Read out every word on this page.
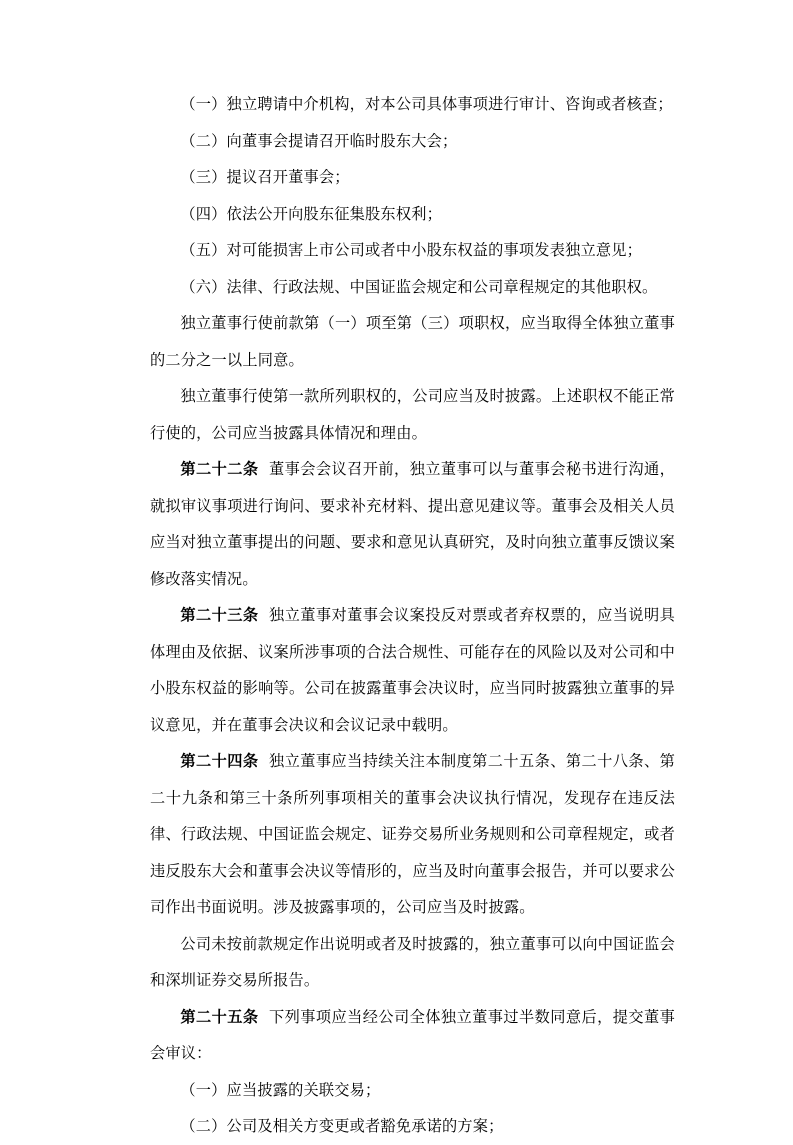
（一）独立聘请中介机构，对本公司具体事项进行审计、咨询或者核查；

（二）向董事会提请召开临时股东大会；

（三）提议召开董事会；

（四）依法公开向股东征集股东权利；

（五）对可能损害上市公司或者中小股东权益的事项发表独立意见；

（六）法律、行政法规、中国证监会规定和公司章程规定的其他职权。

独立董事行使前款第（一）项至第（三）项职权，应当取得全体独立董事的二分之一以上同意。

独立董事行使第一款所列职权的，公司应当及时披露。上述职权不能正常行使的，公司应当披露具体情况和理由。

第二十二条 董事会会议召开前，独立董事可以与董事会秘书进行沟通，就拟审议事项进行询问、要求补充材料、提出意见建议等。董事会及相关人员应当对独立董事提出的问题、要求和意见认真研究，及时向独立董事反馈议案修改落实情况。

第二十三条 独立董事对董事会议案投反对票或者弃权票的，应当说明具体理由及依据、议案所涉事项的合法合规性、可能存在的风险以及对公司和中小股东权益的影响等。公司在披露董事会决议时，应当同时披露独立董事的异议意见，并在董事会决议和会议记录中载明。

第二十四条 独立董事应当持续关注本制度第二十五条、第二十八条、第二十九条和第三十条所列事项相关的董事会决议执行情况，发现存在违反法律、行政法规、中国证监会规定、证券交易所业务规则和公司章程规定，或者违反股东大会和董事会决议等情形的，应当及时向董事会报告，并可以要求公司作出书面说明。涉及披露事项的，公司应当及时披露。

公司未按前款规定作出说明或者及时披露的，独立董事可以向中国证监会和深圳证券交易所报告。

第二十五条 下列事项应当经公司全体独立董事过半数同意后，提交董事会审议：

（一）应当披露的关联交易；

（二）公司及相关方变更或者豁免承诺的方案；
